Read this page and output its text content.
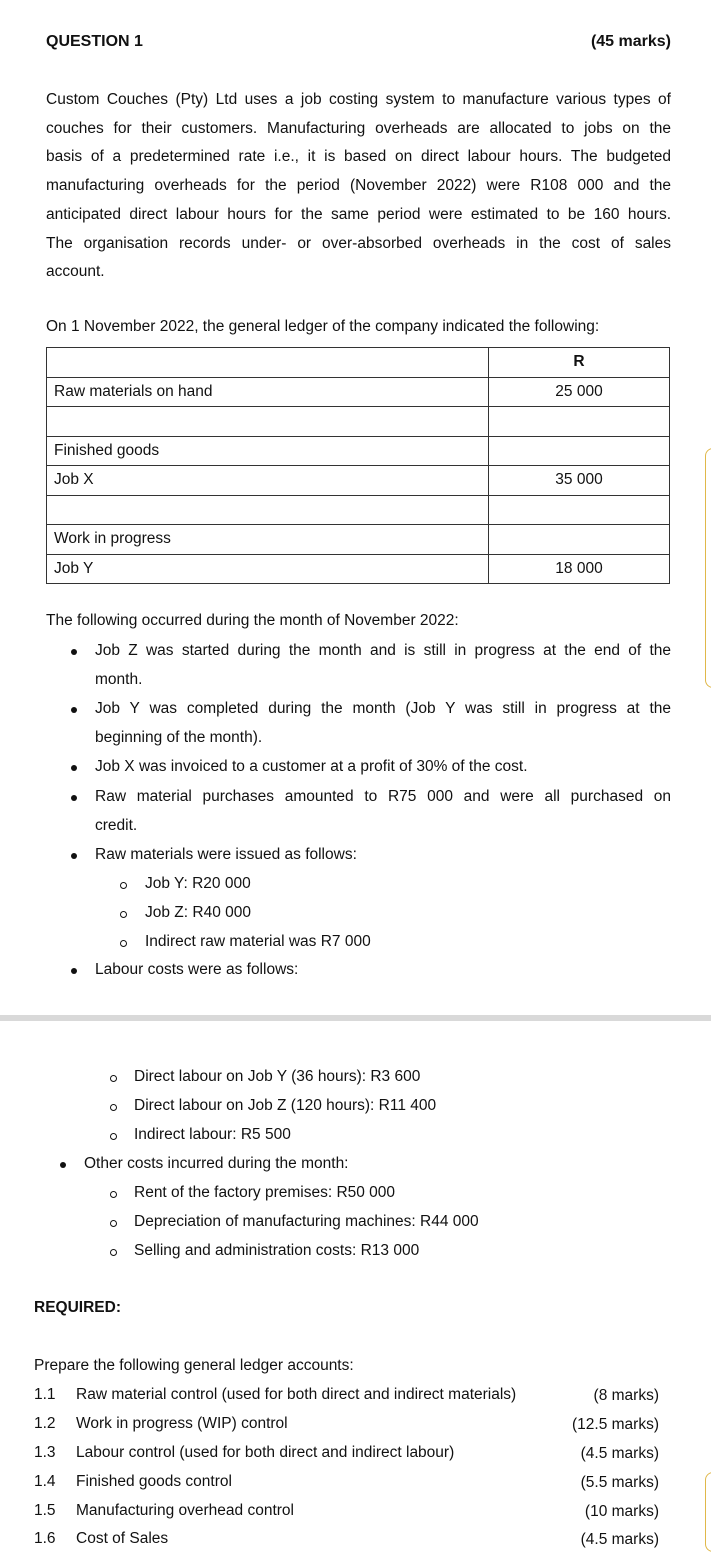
QUESTION 1	(45 marks)
Custom Couches (Pty) Ltd uses a job costing system to manufacture various types of
couches for their customers. Manufacturing overheads are allocated to jobs on the
basis of a predetermined rate i.e., it is based on direct labour hours. The budgeted
manufacturing overheads for the period (November 2022) were R108 000 and the
anticipated direct labour hours for the same period were estimated to be 160 hours.
The organisation records under- or over-absorbed overheads in the cost of sales
account.
On 1 November 2022, the general ledger of the company indicated the following:
	R
Raw materials on hand	25 000

Finished goods	
Job X	35 000

Work in progress	
Job Y	18 000
The following occurred during the month of November 2022:
Job Z was started during the month and is still in progress at the end of the
month.
Job Y was completed during the month (Job Y was still in progress at the
beginning of the month).
Job X was invoiced to a customer at a profit of 30% of the cost.
Raw material purchases amounted to R75 000 and were all purchased on
credit.
Raw materials were issued as follows:
Job Y: R20 000
Job Z: R40 000
Indirect raw material was R7 000
Labour costs were as follows:
Direct labour on Job Y (36 hours): R3 600
Direct labour on Job Z (120 hours): R11 400
Indirect labour: R5 500
Other costs incurred during the month:
Rent of the factory premises: R50 000
Depreciation of manufacturing machines: R44 000
Selling and administration costs: R13 000
REQUIRED:
Prepare the following general ledger accounts:
1.1 Raw material control (used for both direct and indirect materials)	(8 marks)
1.2 Work in progress (WIP) control	(12.5 marks)
1.3 Labour control (used for both direct and indirect labour)	(4.5 marks)
1.4 Finished goods control	(5.5 marks)
1.5 Manufacturing overhead control	(10 marks)
1.6 Cost of Sales	(4.5 marks)
